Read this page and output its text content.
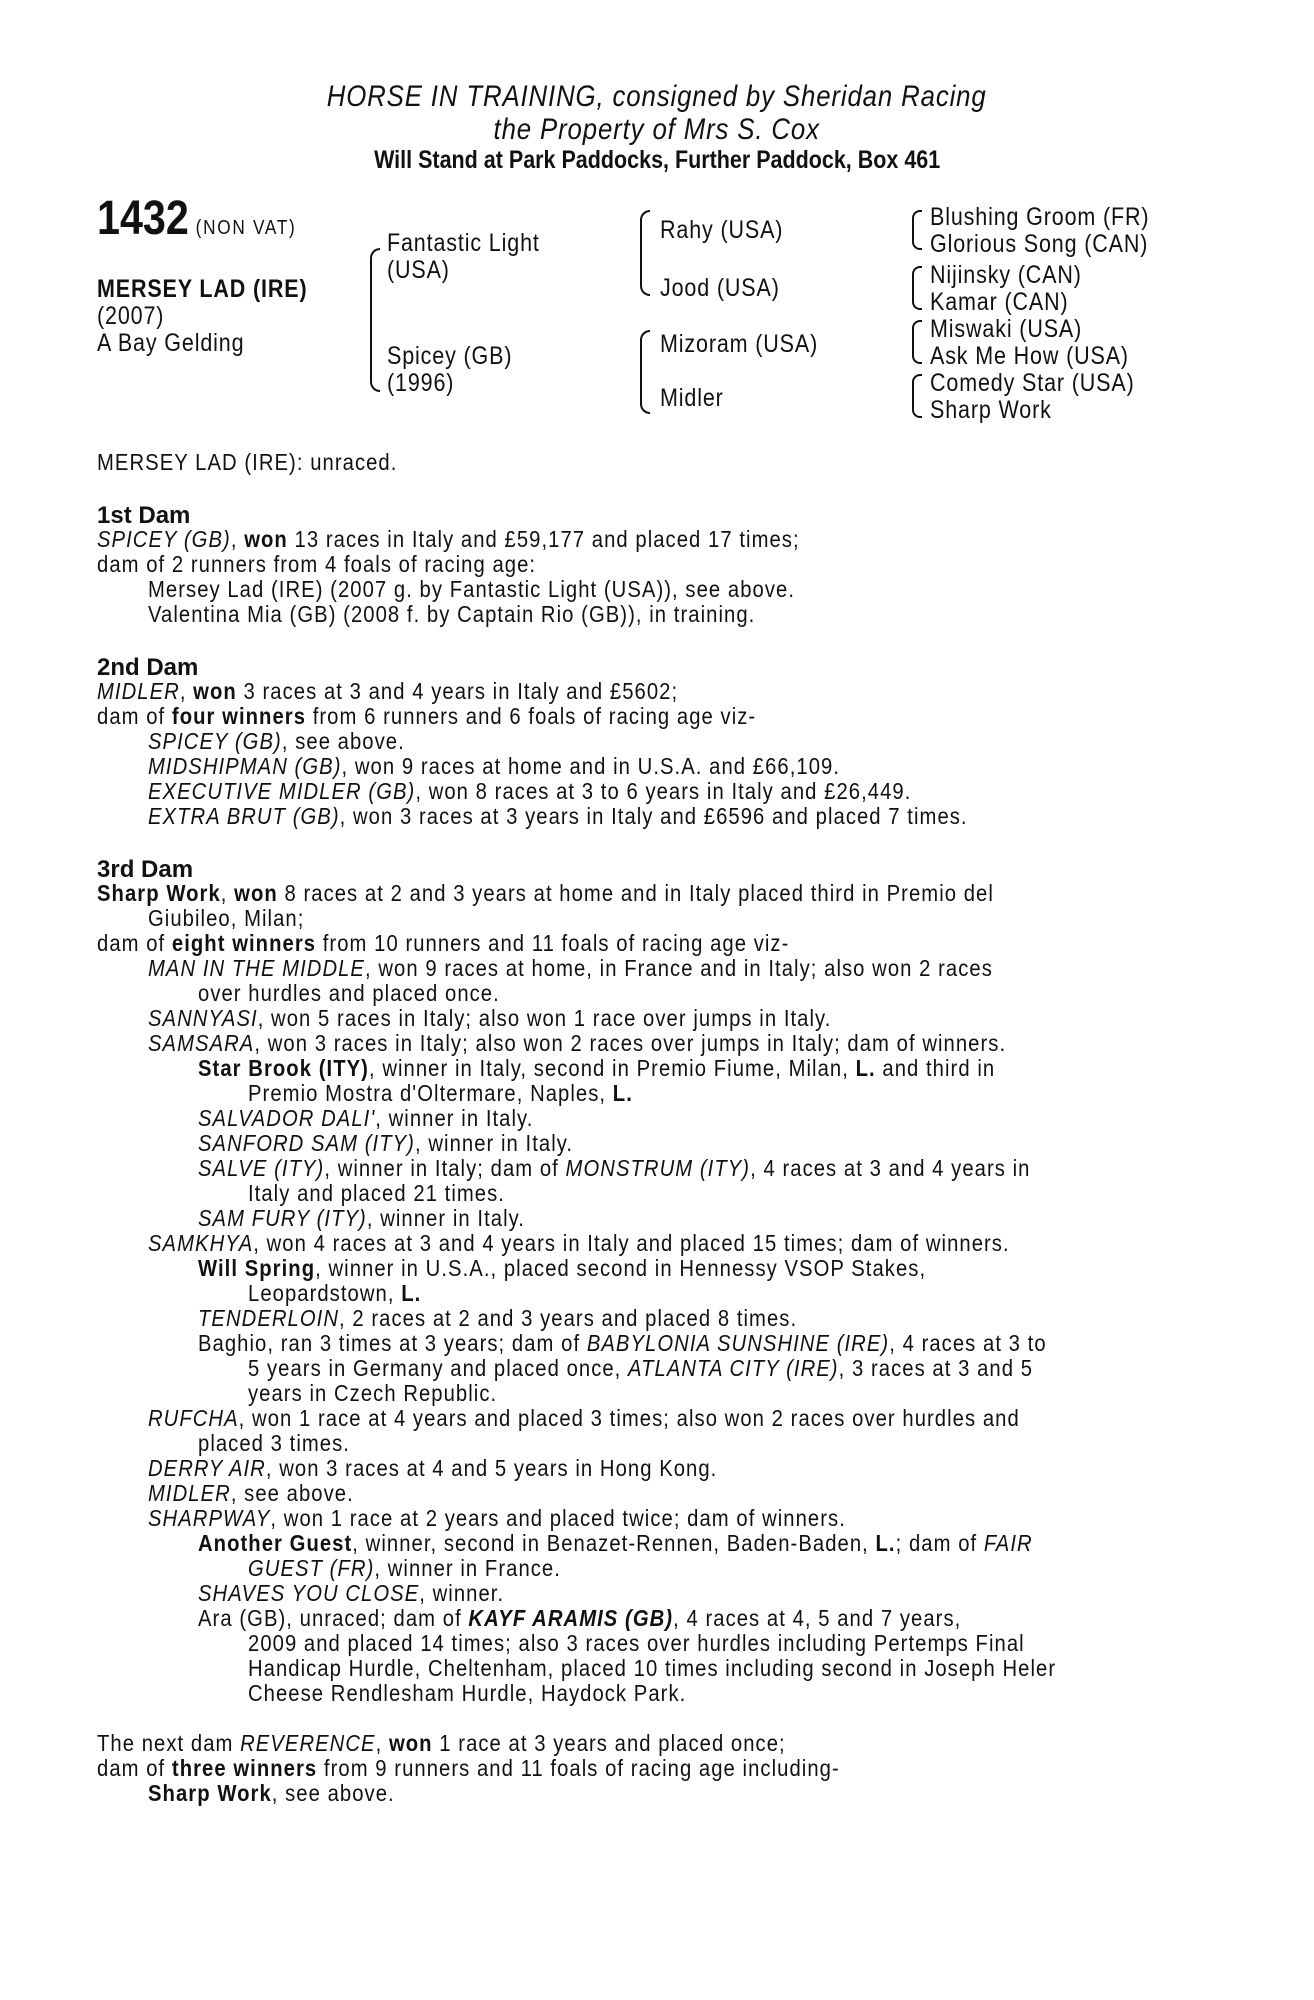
HORSE IN TRAINING, consigned by Sheridan Racing
the Property of Mrs S. Cox
Will Stand at Park Paddocks, Further Paddock, Box 461
1432 (NON VAT)
MERSEY LAD (IRE)
(2007)
A Bay Gelding
Fantastic Light
(USA)
Spicey (GB)
(1996)
Rahy (USA)
Jood (USA)
Mizoram (USA)
Midler
Blushing Groom (FR)
Glorious Song (CAN)
Nijinsky (CAN)
Kamar (CAN)
Miswaki (USA)
Ask Me How (USA)
Comedy Star (USA)
Sharp Work
MERSEY LAD (IRE): unraced.
1st Dam
SPICEY (GB), won 13 races in Italy and £59,177 and placed 17 times;
dam of 2 runners from 4 foals of racing age:
Mersey Lad (IRE) (2007 g. by Fantastic Light (USA)), see above.
Valentina Mia (GB) (2008 f. by Captain Rio (GB)), in training.
2nd Dam
MIDLER, won 3 races at 3 and 4 years in Italy and £5602;
dam of four winners from 6 runners and 6 foals of racing age viz-
SPICEY (GB), see above.
MIDSHIPMAN (GB), won 9 races at home and in U.S.A. and £66,109.
EXECUTIVE MIDLER (GB), won 8 races at 3 to 6 years in Italy and £26,449.
EXTRA BRUT (GB), won 3 races at 3 years in Italy and £6596 and placed 7 times.
3rd Dam
Sharp Work, won 8 races at 2 and 3 years at home and in Italy placed third in Premio del
Giubileo, Milan;
dam of eight winners from 10 runners and 11 foals of racing age viz-
MAN IN THE MIDDLE, won 9 races at home, in France and in Italy; also won 2 races
over hurdles and placed once.
SANNYASI, won 5 races in Italy; also won 1 race over jumps in Italy.
SAMSARA, won 3 races in Italy; also won 2 races over jumps in Italy; dam of winners.
Star Brook (ITY), winner in Italy, second in Premio Fiume, Milan, L. and third in
Premio Mostra d'Oltermare, Naples, L.
SALVADOR DALI', winner in Italy.
SANFORD SAM (ITY), winner in Italy.
SALVE (ITY), winner in Italy; dam of MONSTRUM (ITY), 4 races at 3 and 4 years in
Italy and placed 21 times.
SAM FURY (ITY), winner in Italy.
SAMKHYA, won 4 races at 3 and 4 years in Italy and placed 15 times; dam of winners.
Will Spring, winner in U.S.A., placed second in Hennessy VSOP Stakes,
Leopardstown, L.
TENDERLOIN, 2 races at 2 and 3 years and placed 8 times.
Baghio, ran 3 times at 3 years; dam of BABYLONIA SUNSHINE (IRE), 4 races at 3 to
5 years in Germany and placed once, ATLANTA CITY (IRE), 3 races at 3 and 5
years in Czech Republic.
RUFCHA, won 1 race at 4 years and placed 3 times; also won 2 races over hurdles and
placed 3 times.
DERRY AIR, won 3 races at 4 and 5 years in Hong Kong.
MIDLER, see above.
SHARPWAY, won 1 race at 2 years and placed twice; dam of winners.
Another Guest, winner, second in Benazet-Rennen, Baden-Baden, L.; dam of FAIR
GUEST (FR), winner in France.
SHAVES YOU CLOSE, winner.
Ara (GB), unraced; dam of KAYF ARAMIS (GB), 4 races at 4, 5 and 7 years,
2009 and placed 14 times; also 3 races over hurdles including Pertemps Final
Handicap Hurdle, Cheltenham, placed 10 times including second in Joseph Heler
Cheese Rendlesham Hurdle, Haydock Park.
The next dam REVERENCE, won 1 race at 3 years and placed once;
dam of three winners from 9 runners and 11 foals of racing age including-
Sharp Work, see above.
